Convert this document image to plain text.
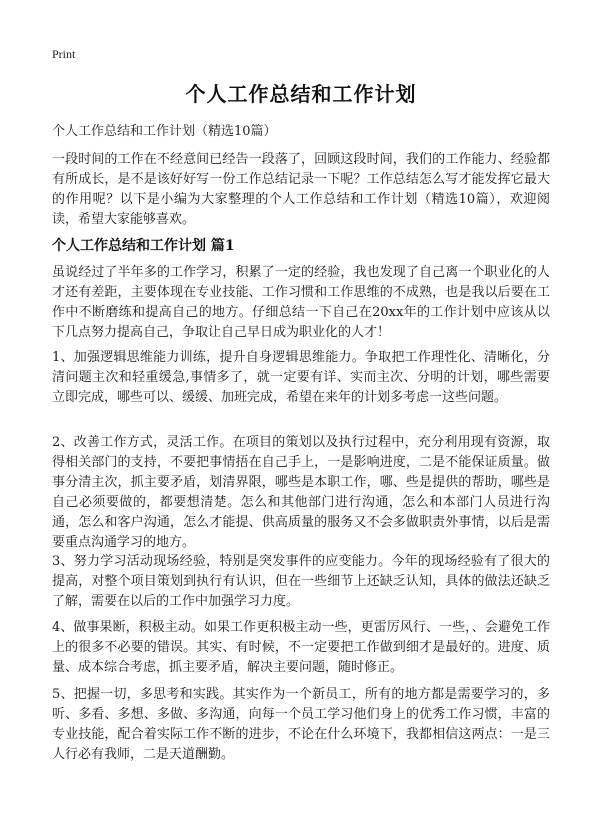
Print
个人工作总结和工作计划

个人工作总结和工作计划（精选10篇）

一段时间的工作在不经意间已经告一段落了，回顾这段时间，我们的工作能力、经验都有所成长，是不是该好好写一份工作总结记录一下呢？工作总结怎么写才能发挥它最大的作用呢？以下是小编为大家整理的个人工作总结和工作计划（精选10篇），欢迎阅读，希望大家能够喜欢。

个人工作总结和工作计划 篇1

虽说经过了半年多的工作学习，积累了一定的经验，我也发现了自己离一个职业化的人才还有差距，主要体现在专业技能、工作习惯和工作思维的不成熟，也是我以后要在工作中不断磨练和提高自己的地方。仔细总结一下自己在20xx年的工作计划中应该从以下几点努力提高自己，争取让自己早日成为职业化的人才！

1、加强逻辑思维能力训练，提升自身逻辑思维能力。争取把工作理性化、清晰化，分清问题主次和轻重缓急,事情多了，就一定要有详、实而主次、分明的计划，哪些需要立即完成，哪些可以、缓缓、加班完成，希望在来年的计划多考虑一这些问题。

2、改善工作方式，灵活工作。在项目的策划以及执行过程中，充分利用现有资源，取得相关部门的支持，不要把事情捂在自己手上，一是影响进度，二是不能保证质量。做事分清主次，抓主要矛盾，划清界限，哪些是本职工作，哪、些是提供的帮助，哪些是自己必须要做的，都要想清楚。怎么和其他部门进行沟通，怎么和本部门人员进行沟通，怎么和客户沟通，怎么才能提、供高质量的服务又不会多做职责外事情，以后是需要重点沟通学习的地方。

3、努力学习活动现场经验，特别是突发事件的应变能力。今年的现场经验有了很大的提高，对整个项目策划到执行有认识，但在一些细节上还缺乏认知，具体的做法还缺乏了解，需要在以后的工作中加强学习力度。

4、做事果断，积极主动。如果工作更积极主动一些，更雷厉风行、一些，、会避免工作上的很多不必要的错误。其实、有时候，不一定要把工作做到细才是最好的。进度、质量、成本综合考虑，抓主要矛盾，解决主要问题，随时修正。

5、把握一切，多思考和实践。其实作为一个新员工，所有的地方都是需要学习的，多听、多看、多想、多做、多沟通，向每一个员工学习他们身上的优秀工作习惯，丰富的专业技能，配合着实际工作不断的进步，不论在什么环境下，我都相信这两点：一是三人行必有我师，二是天道酬勤。
